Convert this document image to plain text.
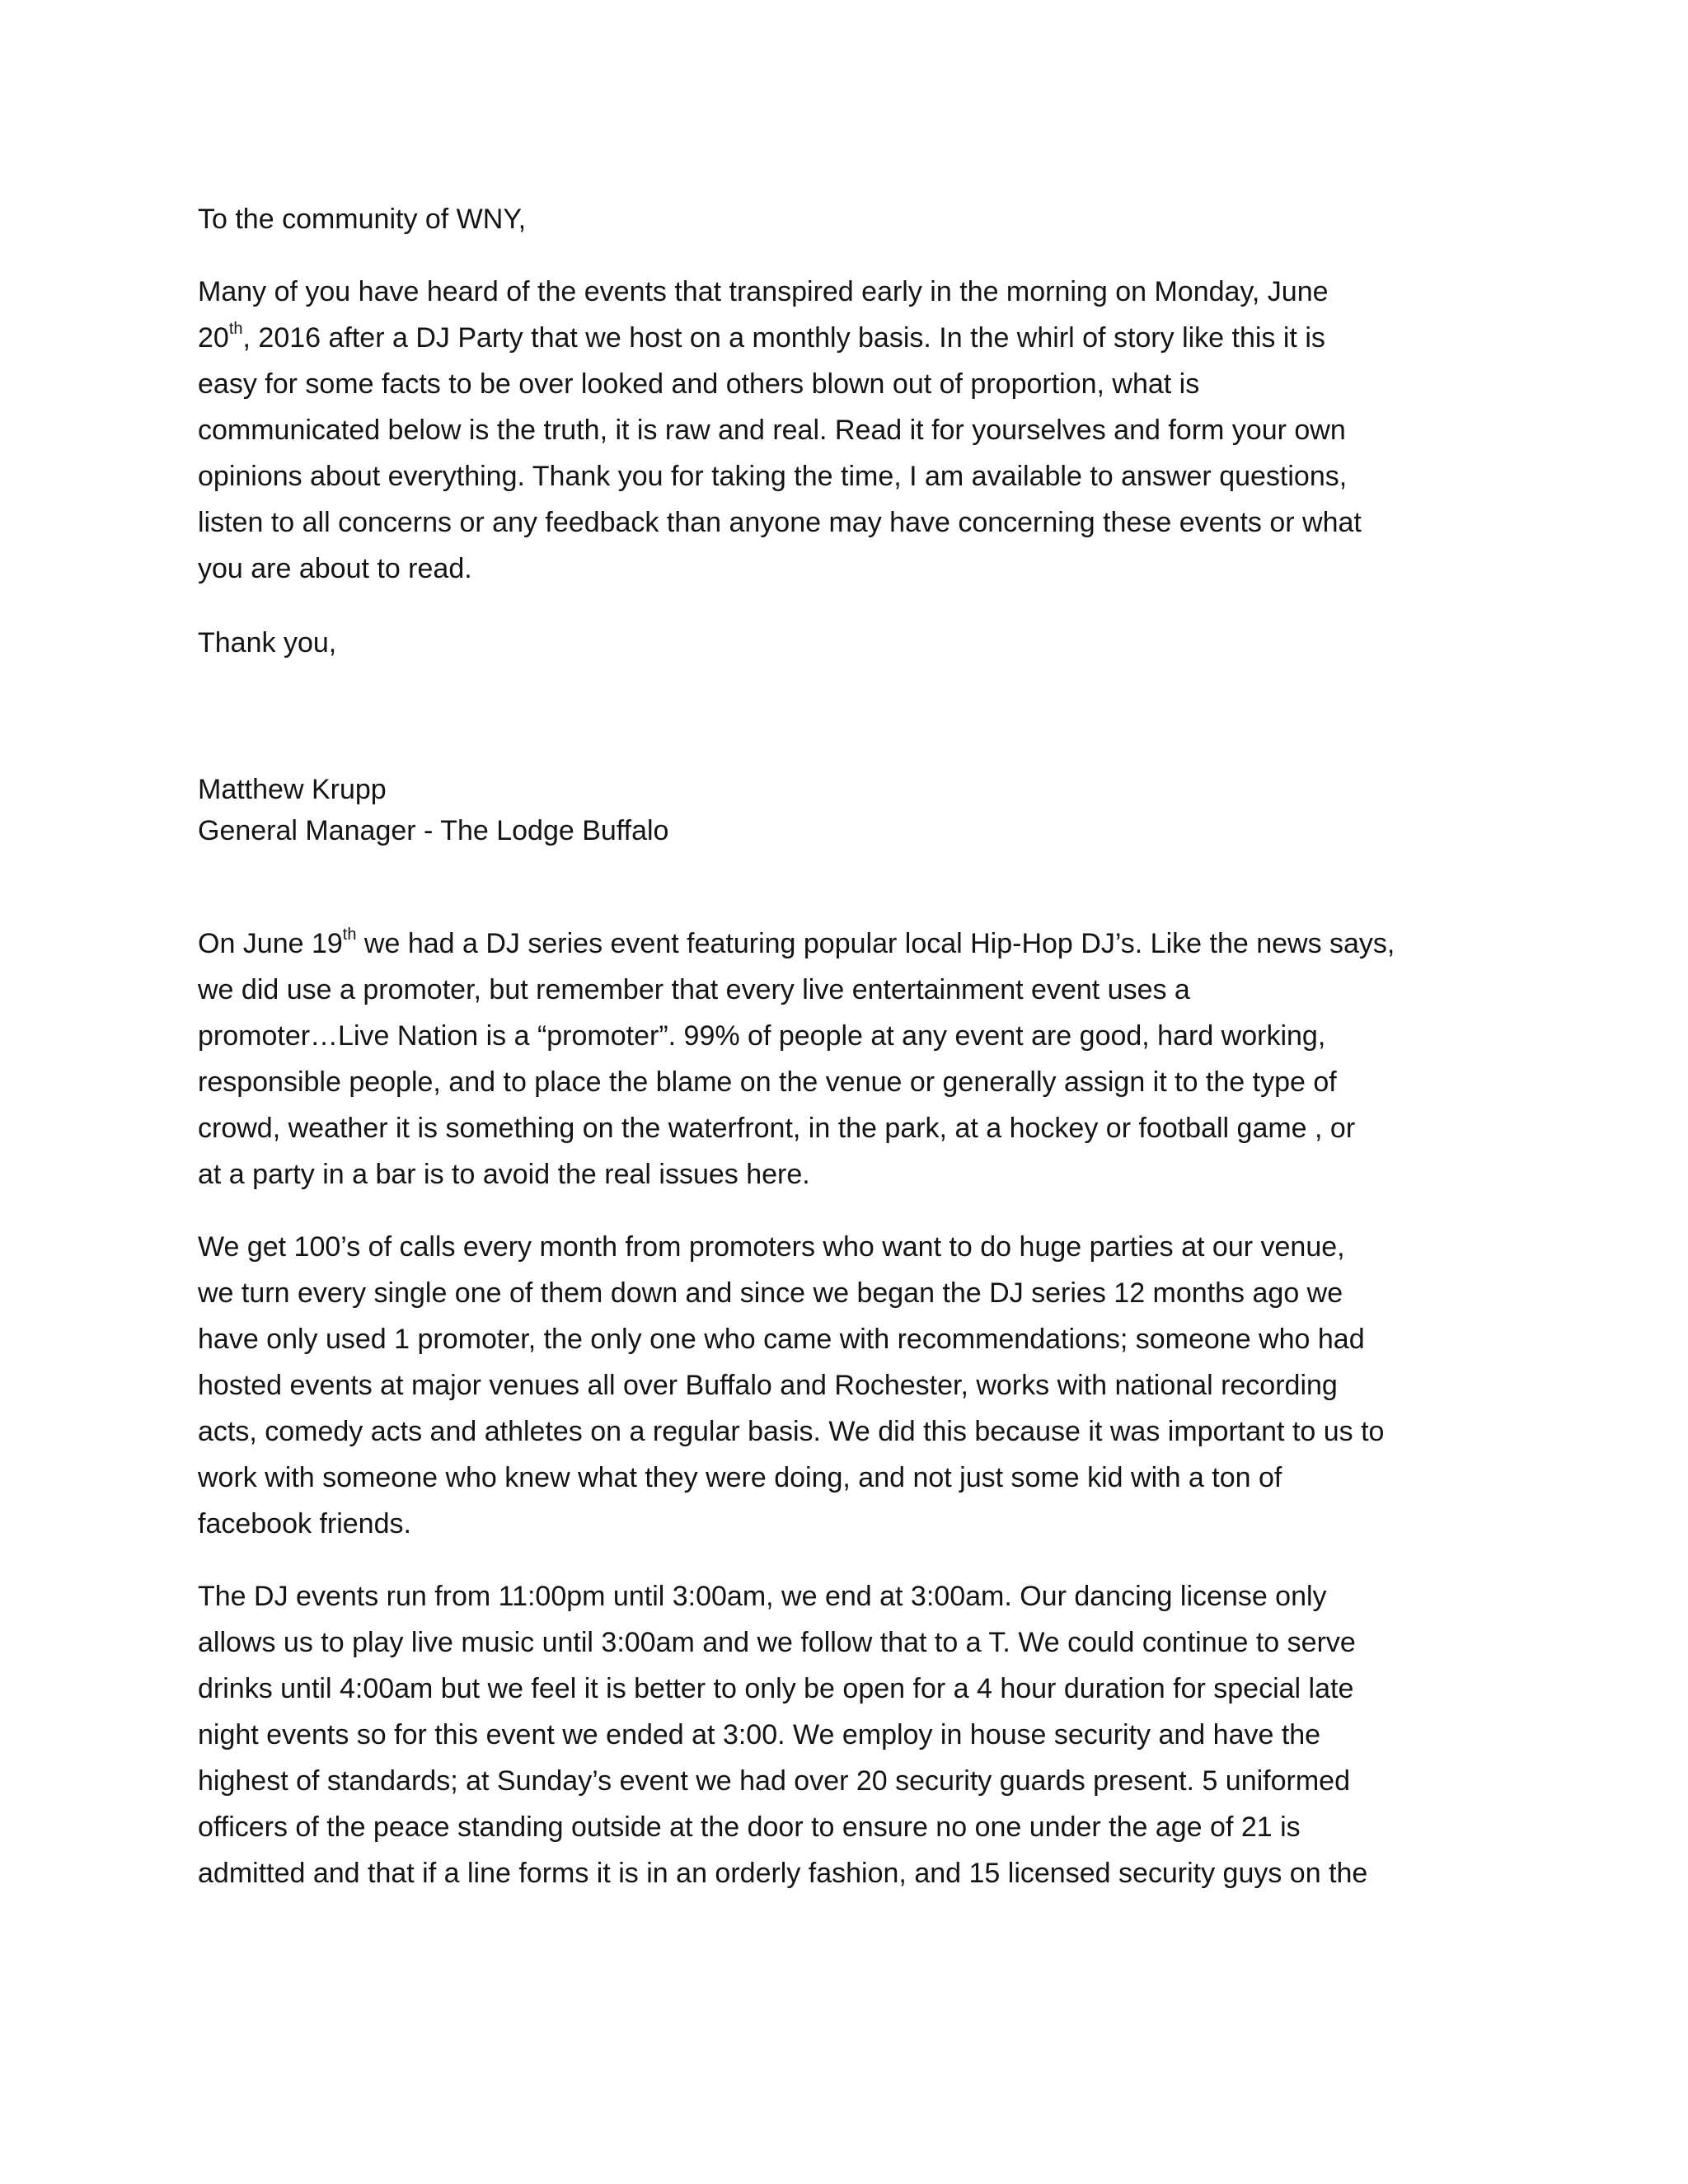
To the community of WNY,
Many of you have heard of the events that transpired early in the morning on Monday, June
20th, 2016 after a DJ Party that we host on a monthly basis. In the whirl of story like this it is
easy for some facts to be over looked and others blown out of proportion, what is
communicated below is the truth, it is raw and real. Read it for yourselves and form your own
opinions about everything. Thank you for taking the time, I am available to answer questions,
listen to all concerns or any feedback than anyone may have concerning these events or what
you are about to read.
Thank you,
Matthew Krupp
General Manager - The Lodge Buffalo
On June 19th we had a DJ series event featuring popular local Hip-Hop DJ’s. Like the news says,
we did use a promoter, but remember that every live entertainment event uses a
promoter…Live Nation is a “promoter”. 99% of people at any event are good, hard working,
responsible people, and to place the blame on the venue or generally assign it to the type of
crowd, weather it is something on the waterfront, in the park, at a hockey or football game , or
at a party in a bar is to avoid the real issues here.
We get 100’s of calls every month from promoters who want to do huge parties at our venue,
we turn every single one of them down and since we began the DJ series 12 months ago we
have only used 1 promoter, the only one who came with recommendations; someone who had
hosted events at major venues all over Buffalo and Rochester, works with national recording
acts, comedy acts and athletes on a regular basis. We did this because it was important to us to
work with someone who knew what they were doing, and not just some kid with a ton of
facebook friends.
The DJ events run from 11:00pm until 3:00am, we end at 3:00am. Our dancing license only
allows us to play live music until 3:00am and we follow that to a T. We could continue to serve
drinks until 4:00am but we feel it is better to only be open for a 4 hour duration for special late
night events so for this event we ended at 3:00. We employ in house security and have the
highest of standards; at Sunday’s event we had over 20 security guards present. 5 uniformed
officers of the peace standing outside at the door to ensure no one under the age of 21 is
admitted and that if a line forms it is in an orderly fashion, and 15 licensed security guys on the
